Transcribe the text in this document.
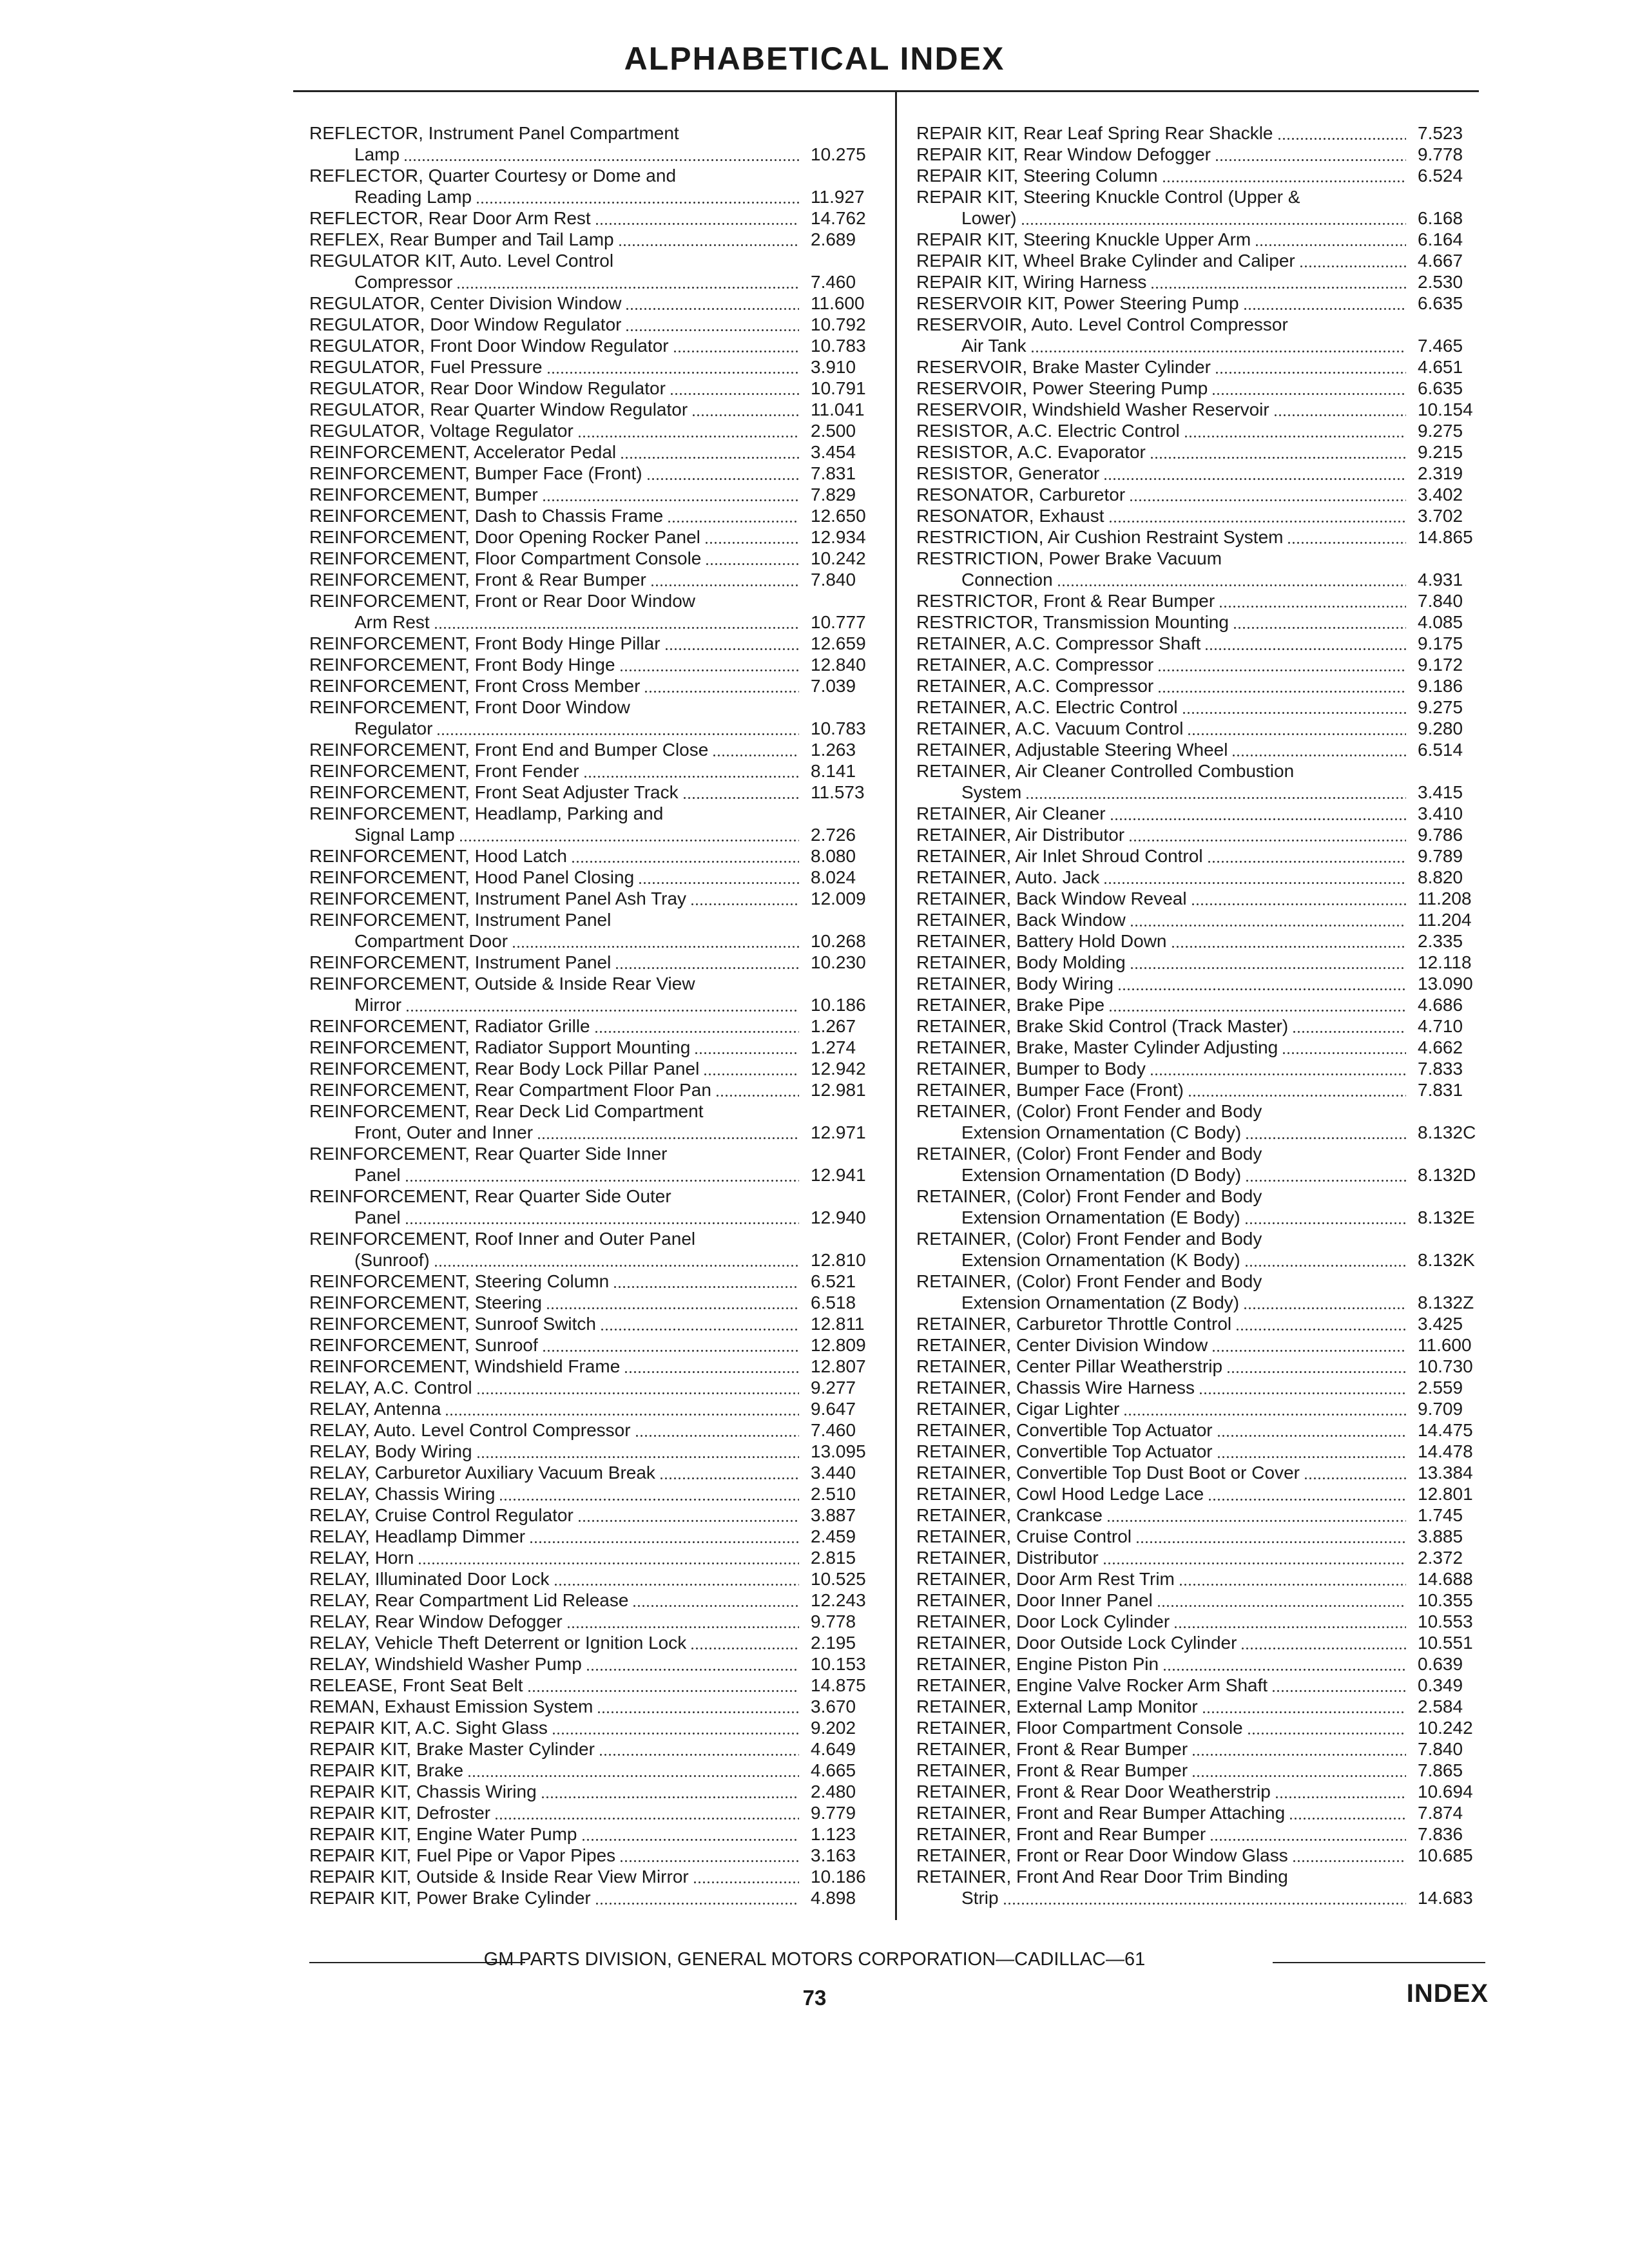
ALPHABETICAL INDEX
REFLECTOR, Instrument Panel Compartment
Lamp	10.275
REFLECTOR, Quarter Courtesy or Dome and
Reading Lamp	11.927
REFLECTOR, Rear Door Arm Rest	14.762
REFLEX, Rear Bumper and Tail Lamp	2.689
REGULATOR KIT, Auto. Level Control
Compressor	7.460
REGULATOR, Center Division Window	11.600
REGULATOR, Door Window Regulator	10.792
REGULATOR, Front Door Window Regulator	10.783
REGULATOR, Fuel Pressure	3.910
REGULATOR, Rear Door Window Regulator	10.791
REGULATOR, Rear Quarter Window Regulator	11.041
REGULATOR, Voltage Regulator	2.500
REINFORCEMENT, Accelerator Pedal	3.454
REINFORCEMENT, Bumper Face (Front)	7.831
REINFORCEMENT, Bumper	7.829
REINFORCEMENT, Dash to Chassis Frame	12.650
REINFORCEMENT, Door Opening Rocker Panel	12.934
REINFORCEMENT, Floor Compartment Console	10.242
REINFORCEMENT, Front & Rear Bumper	7.840
REINFORCEMENT, Front or Rear Door Window
Arm Rest	10.777
REINFORCEMENT, Front Body Hinge Pillar	12.659
REINFORCEMENT, Front Body Hinge	12.840
REINFORCEMENT, Front Cross Member	7.039
REINFORCEMENT, Front Door Window
Regulator	10.783
REINFORCEMENT, Front End and Bumper Close	1.263
REINFORCEMENT, Front Fender	8.141
REINFORCEMENT, Front Seat Adjuster Track	11.573
REINFORCEMENT, Headlamp, Parking and
Signal Lamp	2.726
REINFORCEMENT, Hood Latch	8.080
REINFORCEMENT, Hood Panel Closing	8.024
REINFORCEMENT, Instrument Panel Ash Tray	12.009
REINFORCEMENT, Instrument Panel
Compartment Door	10.268
REINFORCEMENT, Instrument Panel	10.230
REINFORCEMENT, Outside & Inside Rear View
Mirror	10.186
REINFORCEMENT, Radiator Grille	1.267
REINFORCEMENT, Radiator Support Mounting	1.274
REINFORCEMENT, Rear Body Lock Pillar Panel	12.942
REINFORCEMENT, Rear Compartment Floor Pan	12.981
REINFORCEMENT, Rear Deck Lid Compartment
Front, Outer and Inner	12.971
REINFORCEMENT, Rear Quarter Side Inner
Panel	12.941
REINFORCEMENT, Rear Quarter Side Outer
Panel	12.940
REINFORCEMENT, Roof Inner and Outer Panel
(Sunroof)	12.810
REINFORCEMENT, Steering Column	6.521
REINFORCEMENT, Steering	6.518
REINFORCEMENT, Sunroof Switch	12.811
REINFORCEMENT, Sunroof	12.809
REINFORCEMENT, Windshield Frame	12.807
RELAY, A.C. Control	9.277
RELAY, Antenna	9.647
RELAY, Auto. Level Control Compressor	7.460
RELAY, Body Wiring	13.095
RELAY, Carburetor Auxiliary Vacuum Break	3.440
RELAY, Chassis Wiring	2.510
RELAY, Cruise Control Regulator	3.887
RELAY, Headlamp Dimmer	2.459
RELAY, Horn	2.815
RELAY, Illuminated Door Lock	10.525
RELAY, Rear Compartment Lid Release	12.243
RELAY, Rear Window Defogger	9.778
RELAY, Vehicle Theft Deterrent or Ignition Lock	2.195
RELAY, Windshield Washer Pump	10.153
RELEASE, Front Seat Belt	14.875
REMAN, Exhaust Emission System	3.670
REPAIR KIT, A.C. Sight Glass	9.202
REPAIR KIT, Brake Master Cylinder	4.649
REPAIR KIT, Brake	4.665
REPAIR KIT, Chassis Wiring	2.480
REPAIR KIT, Defroster	9.779
REPAIR KIT, Engine Water Pump	1.123
REPAIR KIT, Fuel Pipe or Vapor Pipes	3.163
REPAIR KIT, Outside & Inside Rear View Mirror	10.186
REPAIR KIT, Power Brake Cylinder	4.898
REPAIR KIT, Rear Leaf Spring Rear Shackle	7.523
REPAIR KIT, Rear Window Defogger	9.778
REPAIR KIT, Steering Column	6.524
REPAIR KIT, Steering Knuckle Control (Upper &
Lower)	6.168
REPAIR KIT, Steering Knuckle Upper Arm	6.164
REPAIR KIT, Wheel Brake Cylinder and Caliper	4.667
REPAIR KIT, Wiring Harness	2.530
RESERVOIR KIT, Power Steering Pump	6.635
RESERVOIR, Auto. Level Control Compressor
Air Tank	7.465
RESERVOIR, Brake Master Cylinder	4.651
RESERVOIR, Power Steering Pump	6.635
RESERVOIR, Windshield Washer Reservoir	10.154
RESISTOR, A.C. Electric Control	9.275
RESISTOR, A.C. Evaporator	9.215
RESISTOR, Generator	2.319
RESONATOR, Carburetor	3.402
RESONATOR, Exhaust	3.702
RESTRICTION, Air Cushion Restraint System	14.865
RESTRICTION, Power Brake Vacuum
Connection	4.931
RESTRICTOR, Front & Rear Bumper	7.840
RESTRICTOR, Transmission Mounting	4.085
RETAINER, A.C. Compressor Shaft	9.175
RETAINER, A.C. Compressor	9.172
RETAINER, A.C. Compressor	9.186
RETAINER, A.C. Electric Control	9.275
RETAINER, A.C. Vacuum Control	9.280
RETAINER, Adjustable Steering Wheel	6.514
RETAINER, Air Cleaner Controlled Combustion
System	3.415
RETAINER, Air Cleaner	3.410
RETAINER, Air Distributor	9.786
RETAINER, Air Inlet Shroud Control	9.789
RETAINER, Auto. Jack	8.820
RETAINER, Back Window Reveal	11.208
RETAINER, Back Window	11.204
RETAINER, Battery Hold Down	2.335
RETAINER, Body Molding	12.118
RETAINER, Body Wiring	13.090
RETAINER, Brake Pipe	4.686
RETAINER, Brake Skid Control (Track Master)	4.710
RETAINER, Brake, Master Cylinder Adjusting	4.662
RETAINER, Bumper to Body	7.833
RETAINER, Bumper Face (Front)	7.831
RETAINER, (Color) Front Fender and Body
Extension Ornamentation (C Body)	8.132C
RETAINER, (Color) Front Fender and Body
Extension Ornamentation (D Body)	8.132D
RETAINER, (Color) Front Fender and Body
Extension Ornamentation (E Body)	8.132E
RETAINER, (Color) Front Fender and Body
Extension Ornamentation (K Body)	8.132K
RETAINER, (Color) Front Fender and Body
Extension Ornamentation (Z Body)	8.132Z
RETAINER, Carburetor Throttle Control	3.425
RETAINER, Center Division Window	11.600
RETAINER, Center Pillar Weatherstrip	10.730
RETAINER, Chassis Wire Harness	2.559
RETAINER, Cigar Lighter	9.709
RETAINER, Convertible Top Actuator	14.475
RETAINER, Convertible Top Actuator	14.478
RETAINER, Convertible Top Dust Boot or Cover	13.384
RETAINER, Cowl Hood Ledge Lace	12.801
RETAINER, Crankcase	1.745
RETAINER, Cruise Control	3.885
RETAINER, Distributor	2.372
RETAINER, Door Arm Rest Trim	14.688
RETAINER, Door Inner Panel	10.355
RETAINER, Door Lock Cylinder	10.553
RETAINER, Door Outside Lock Cylinder	10.551
RETAINER, Engine Piston Pin	0.639
RETAINER, Engine Valve Rocker Arm Shaft	0.349
RETAINER, External Lamp Monitor	2.584
RETAINER, Floor Compartment Console	10.242
RETAINER, Front & Rear Bumper	7.840
RETAINER, Front & Rear Bumper	7.865
RETAINER, Front & Rear Door Weatherstrip	10.694
RETAINER, Front and Rear Bumper Attaching	7.874
RETAINER, Front and Rear Bumper	7.836
RETAINER, Front or Rear Door Window Glass	10.685
RETAINER, Front And Rear Door Trim Binding
Strip	14.683
GM PARTS DIVISION, GENERAL MOTORS CORPORATION—CADILLAC—61
73	INDEX
